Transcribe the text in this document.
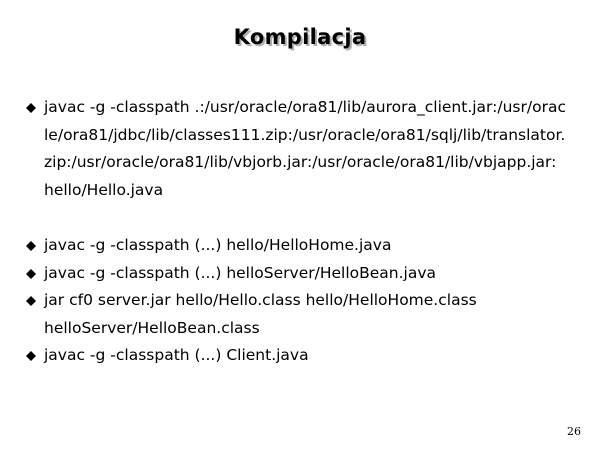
Kompilacja
javac -g -classpath .:/usr/oracle/ora81/lib/aurora_client.jar:/usr/oracle/ora81/jdbc/lib/classes111.zip:/usr/oracle/ora81/sqlj/lib/translator.zip:/usr/oracle/ora81/lib/vbjorb.jar:/usr/oracle/ora81/lib/vbjapp.jar:hello/Hello.java
javac -g -classpath (...) hello/HelloHome.java
javac -g -classpath (...) helloServer/HelloBean.java
jar cf0 server.jar hello/Hello.class hello/HelloHome.class helloServer/HelloBean.class
javac -g -classpath (...) Client.java
26
